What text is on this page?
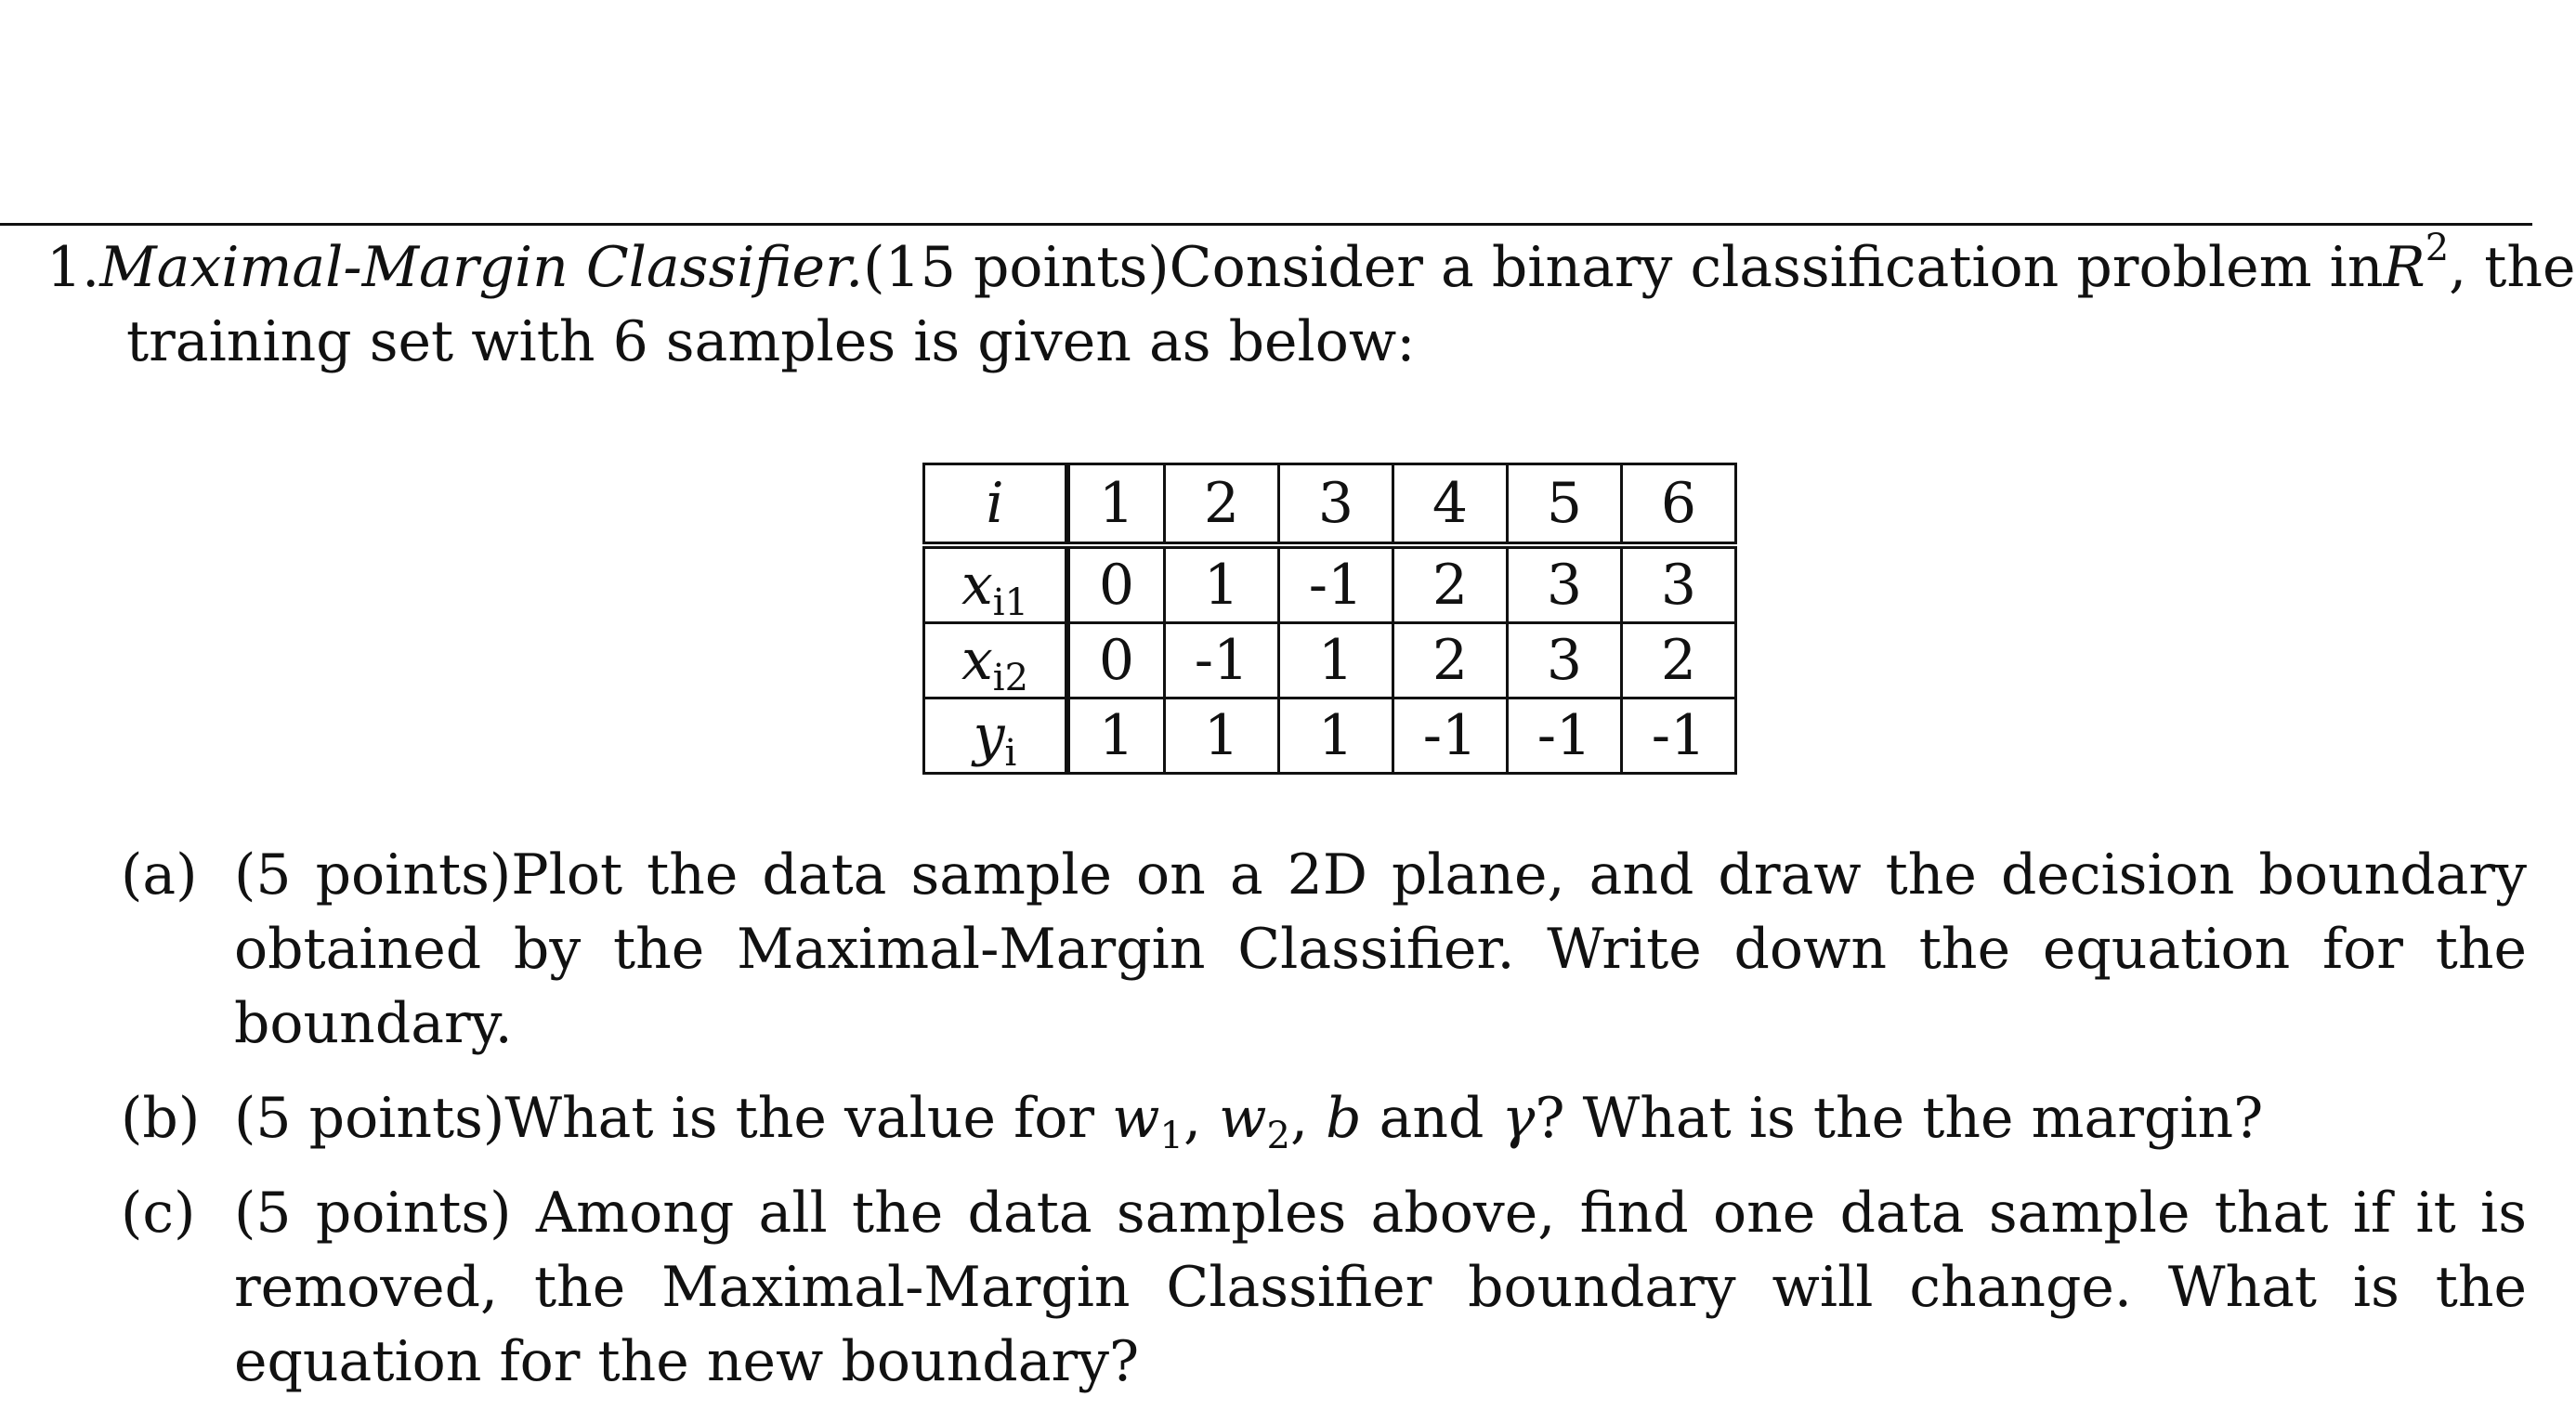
1. Maximal-Margin Classifier. (15 points) Consider a binary classification problem in $R^2$, the
training set with 6 samples is given as below:
i	1	2	3	4	5	6
$x_{i1}$	0	1	-1	2	3	3
$x_{i2}$	0	-1	1	2	3	2
$y_i$	1	1	1	-1	-1	-1
(a) (5 points)Plot the data sample on a 2D plane, and draw the decision boundary obtained by the Maximal-Margin Classifier. Write down the equation for the boundary.
(b) (5 points)What is the value for $w_1$, $w_2$, b and γ? What is the the margin?
(c) (5 points) Among all the data samples above, find one data sample that if it is removed, the Maximal-Margin Classifier boundary will change. What is the equation for the new boundary?
